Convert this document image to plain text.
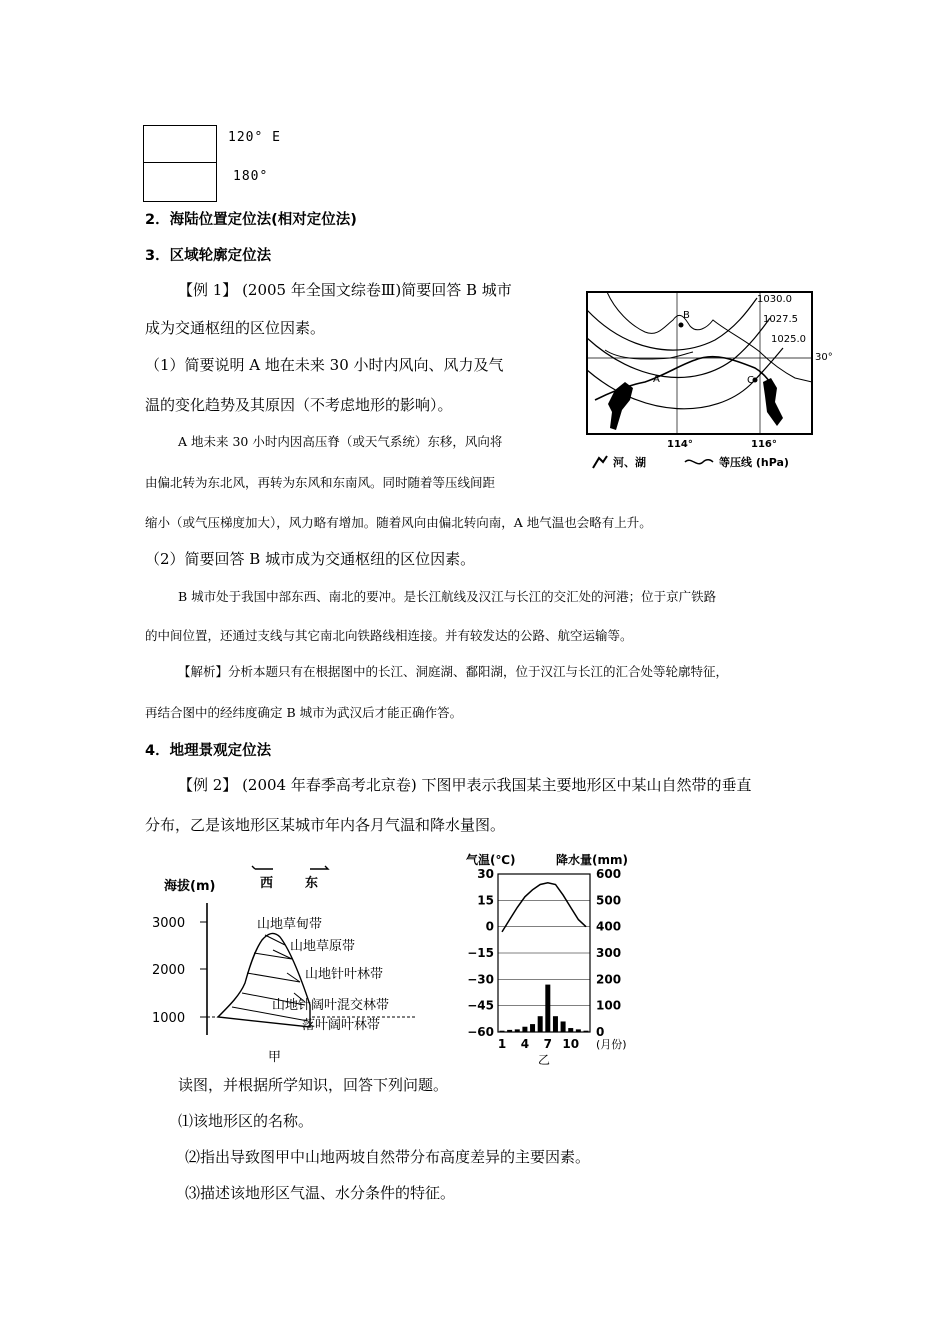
120° E
180°
2．海陆位置定位法(相对定位法)
3．区域轮廓定位法
【例 1】 (2005 年全国文综卷Ⅲ)简要回答 B 城市
成为交通枢纽的区位因素。
（1）简要说明 A 地在未来 30 小时内风向、风力及气
温的变化趋势及其原因（不考虑地形的影响）。
A 地未来 30 小时内因高压脊（或天气系统）东移，风向将
由偏北转为东北风，再转为东风和东南风。同时随着等压线间距
缩小（或气压梯度加大），风力略有增加。随着风向由偏北转向南，A 地气温也会略有上升。
（2）简要回答 B 城市成为交通枢纽的区位因素。
B 城市处于我国中部东西、南北的要冲。是长江航线及汉江与长江的交汇处的河港；位于京广铁路
的中间位置，还通过支线与其它南北向铁路线相连接。并有较发达的公路、航空运输等。
【解析】分析本题只有在根据图中的长江、洞庭湖、鄱阳湖，位于汉江与长江的汇合处等轮廓特征，
再结合图中的经纬度确定 B 城市为武汉后才能正确作答。
1030.0
1027.5
1025.0
B
A	C
30°
114°	116°
河、湖	等压线 (hPa)
4．地理景观定位法
【例 2】 (2004 年春季高考北京卷) 下图甲表示我国某主要地形区中某山自然带的垂直
分布，乙是该地形区某城市年内各月气温和降水量图。
海拔(m)	西 东
3000
2000
1000
山地草甸带
山地草原带
山地针叶林带
山地针阔叶混交林带
落叶阔叶林带
甲
气温(℃)	降水量(mm)
30
15
0
−15
−30
−45
−60
600
500
400
300
200
100
0
1 4 7 10 (月份)
乙
读图，并根据所学知识，回答下列问题。
⑴该地形区的名称。
⑵指出导致图甲中山地两坡自然带分布高度差异的主要因素。
⑶描述该地形区气温、水分条件的特征。
